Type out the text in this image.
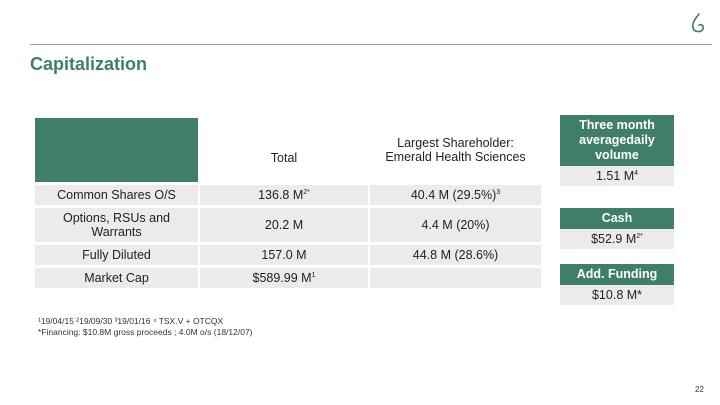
Capitalization
	Total	Largest Shareholder: Emerald Health Sciences
Common Shares O/S	136.8 $M^{2*}$	40.4 M $(29.5\%)^3$
Options, RSUs and Warrants	20.2 M	4.4 M (20%)
Fully Diluted	157.0 M	44.8 M (28.6%)
Market Cap	$589.99 $M^1$	
Three month averagedaily volume
1.51 $M^4$
Cash
$52.9 $M^{2*}$
Add. Funding
$10.8 M*
¹19/04/15 ²19/09/30 ³19/01/16 ⁴ TSX.V + OTCQX
*Financing: $10.8M gross proceeds ; 4.0M o/s (18/12/07)
22
